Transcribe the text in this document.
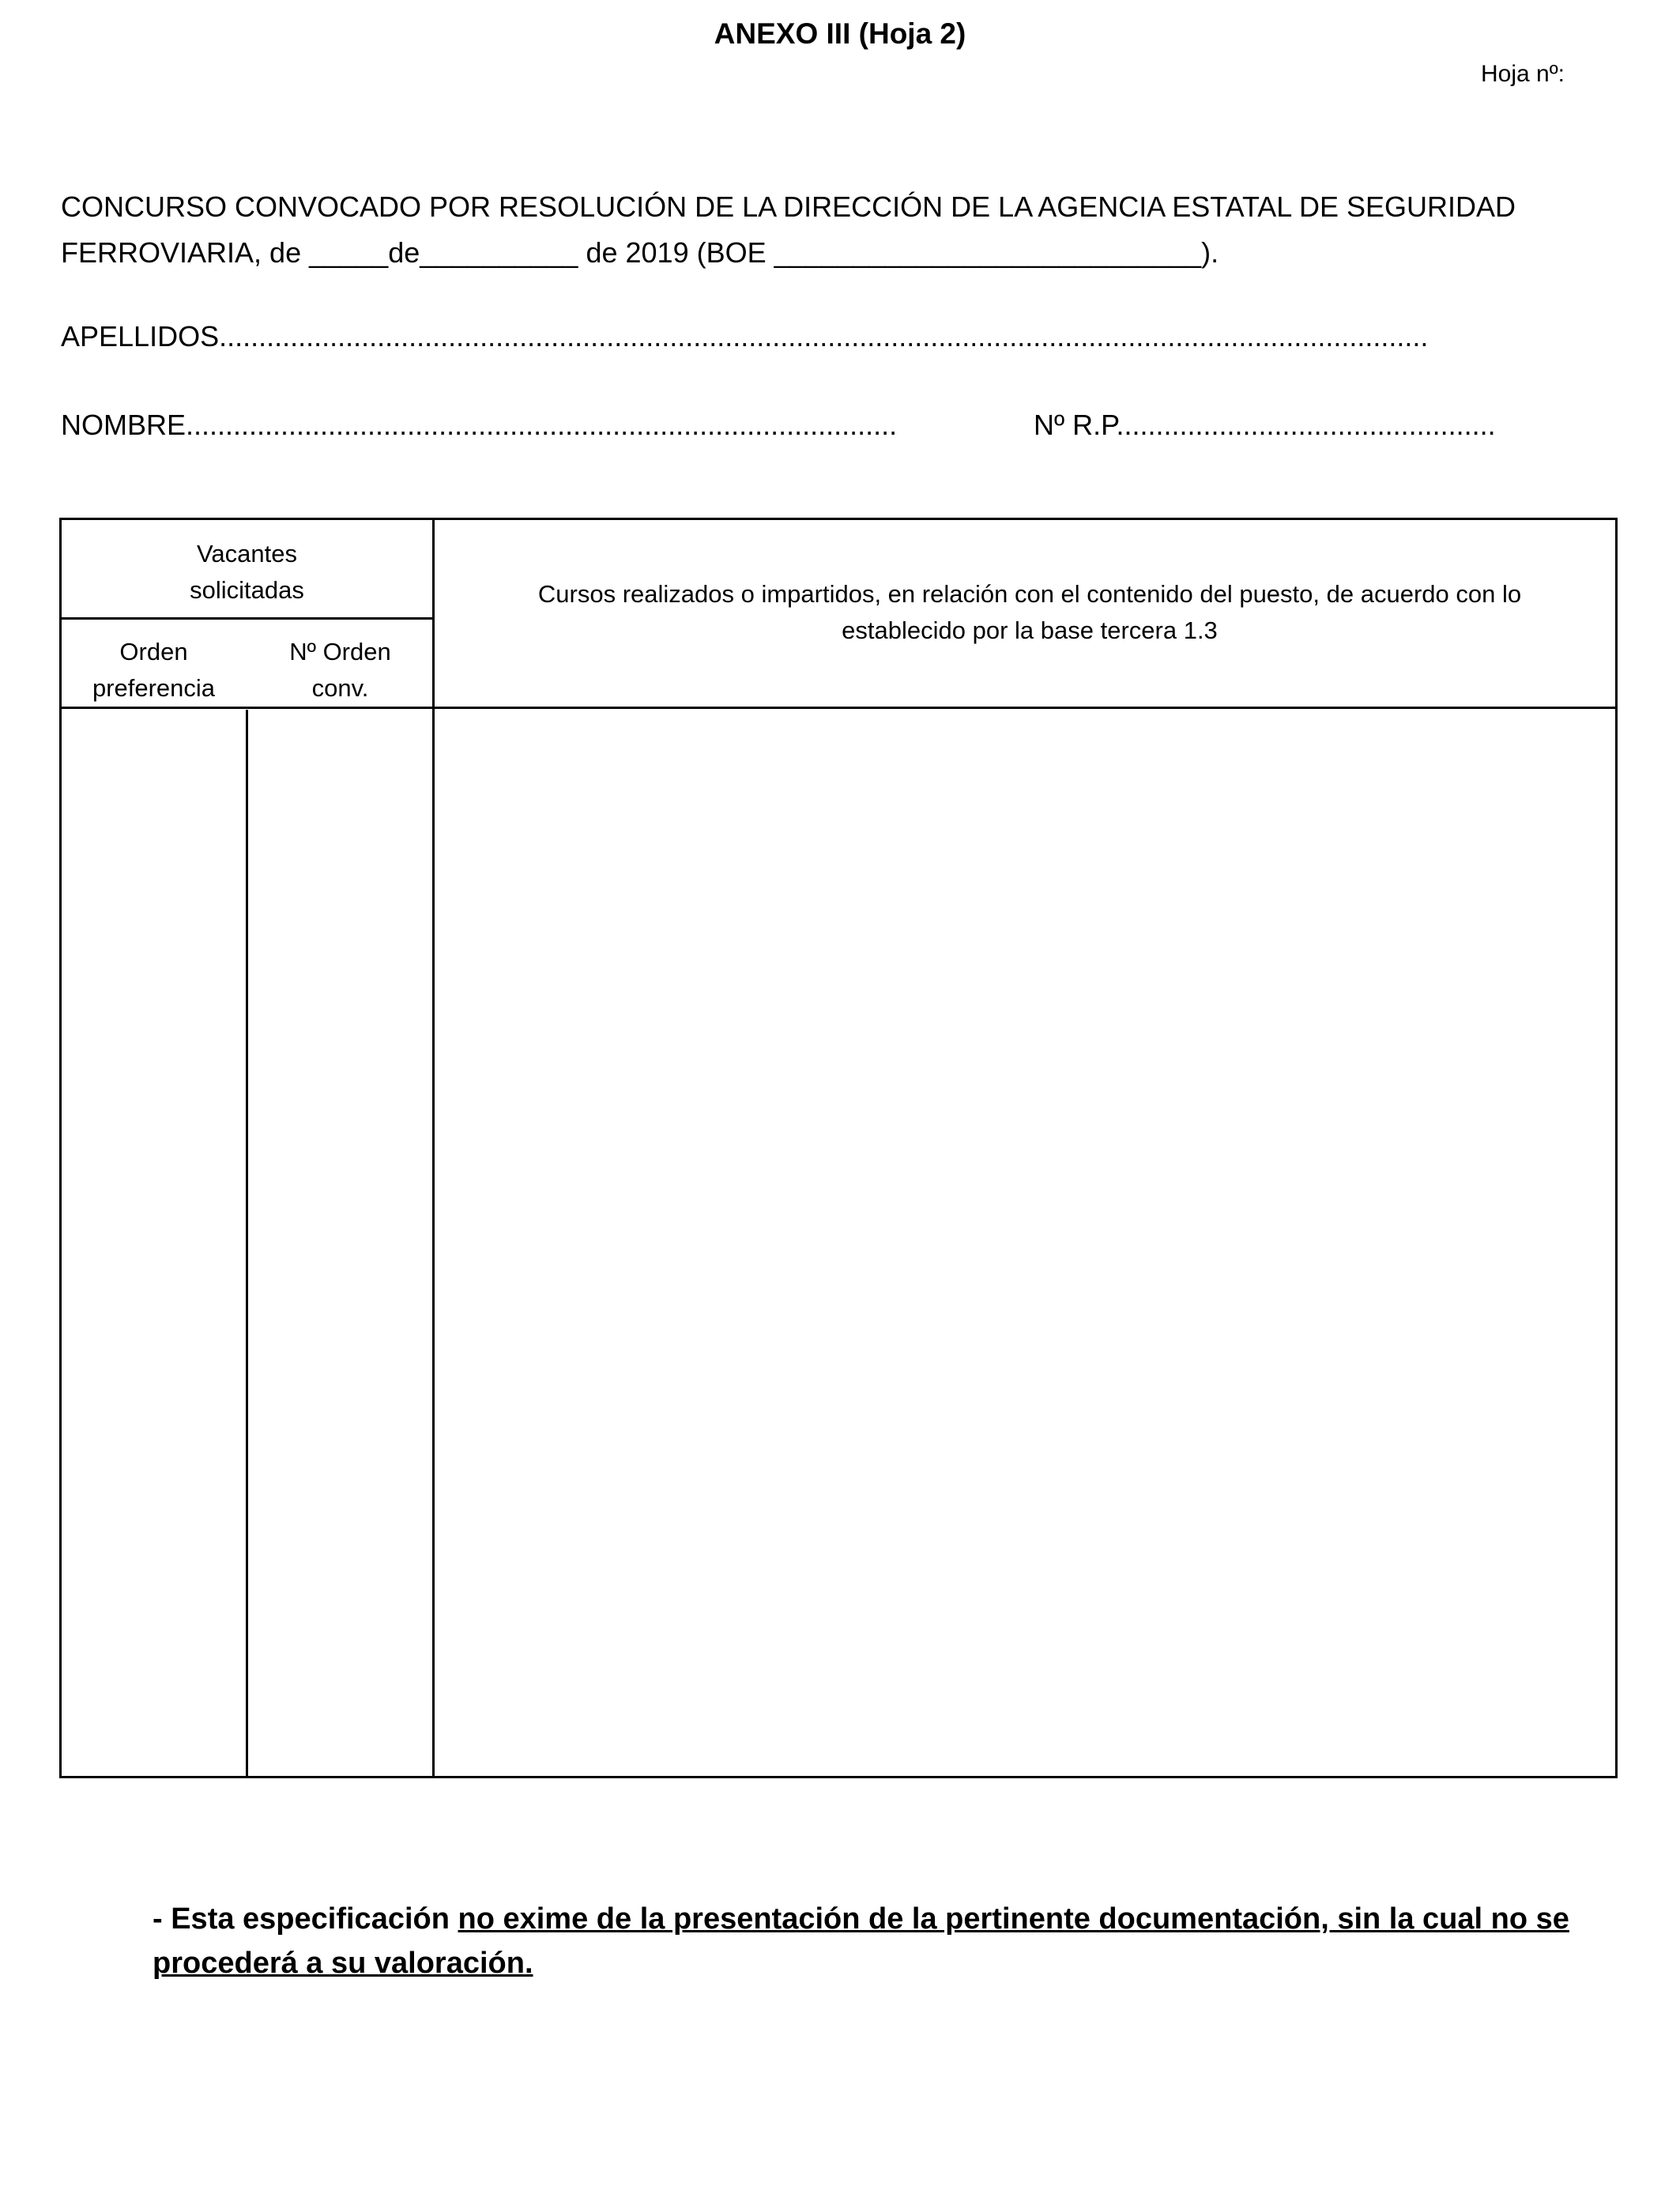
ANEXO III (Hoja 2)
Hoja nº:
CONCURSO CONVOCADO POR RESOLUCIÓN DE LA DIRECCIÓN DE LA AGENCIA ESTATAL DE SEGURIDAD
FERROVIARIA, de _____de__________ de 2019 (BOE ___________________________).
APELLIDOS.........................................................................................................................................................
NOMBRE..........................................................................................	Nº R.P................................................
Vacantes solicitadas
Orden preferencia
Nº Orden conv.
Cursos realizados o impartidos, en relación con el contenido del puesto, de acuerdo con lo establecido por la base tercera 1.3
- Esta especificación no exime de la presentación de la pertinente documentación, sin la cual no se procederá a su valoración.
